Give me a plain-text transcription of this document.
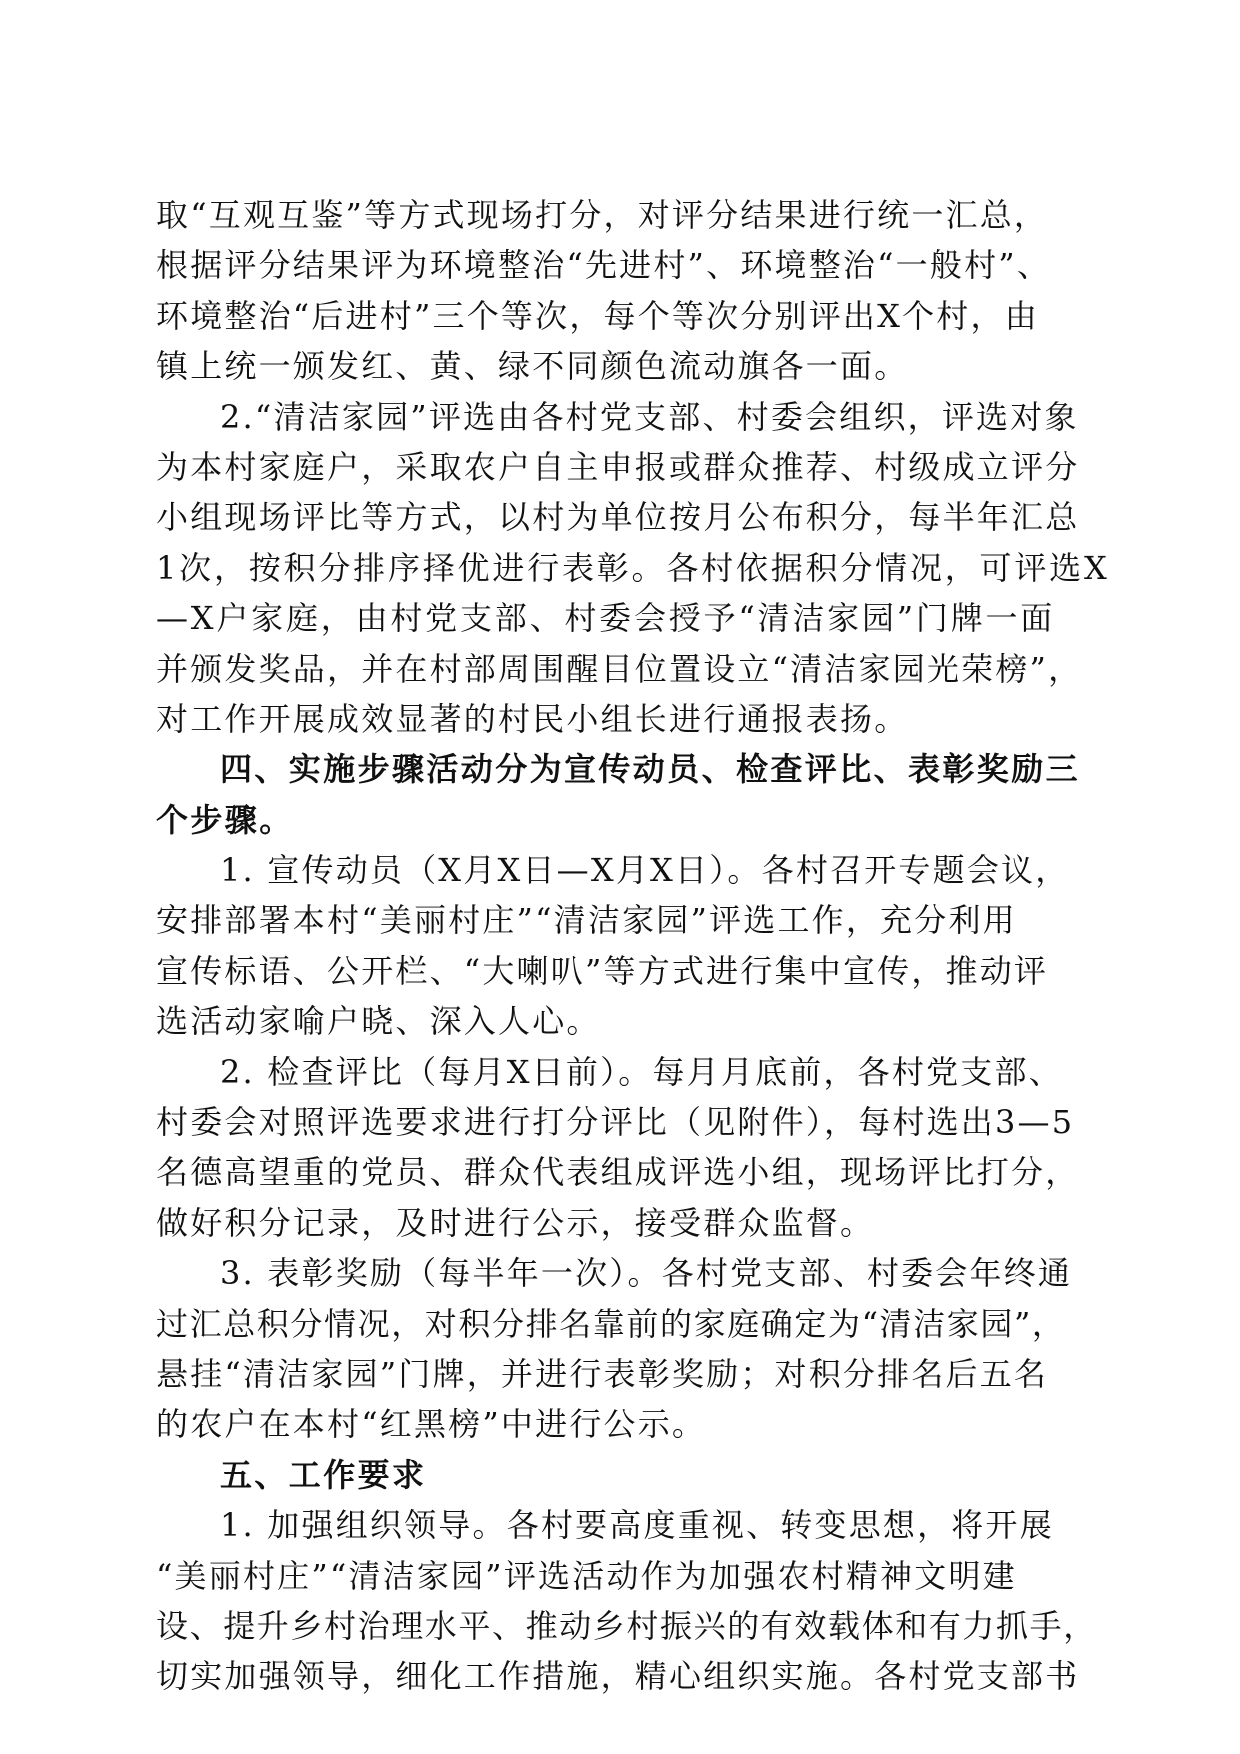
取“互观互鉴”等方式现场打分，对评分结果进行统一汇总，
根据评分结果评为环境整治“先进村”、环境整治“一般村”、
环境整治“后进村”三个等次，每个等次分别评出X个村，由
镇上统一颁发红、黄、绿不同颜色流动旗各一面。
2.“清洁家园”评选由各村党支部、村委会组织，评选对象
为本村家庭户，采取农户自主申报或群众推荐、村级成立评分
小组现场评比等方式，以村为单位按月公布积分，每半年汇总
1次，按积分排序择优进行表彰。各村依据积分情况，可评选X
—X户家庭，由村党支部、村委会授予“清洁家园”门牌一面
并颁发奖品，并在村部周围醒目位置设立“清洁家园光荣榜”，
对工作开展成效显著的村民小组长进行通报表扬。
四、实施步骤活动分为宣传动员、检查评比、表彰奖励三
个步骤。
1. 宣传动员（X月X日—X月X日）。各村召开专题会议，
安排部署本村“美丽村庄”“清洁家园”评选工作，充分利用
宣传标语、公开栏、“大喇叭”等方式进行集中宣传，推动评
选活动家喻户晓、深入人心。
2. 检查评比（每月X日前）。每月月底前，各村党支部、
村委会对照评选要求进行打分评比（见附件），每村选出3—5
名德高望重的党员、群众代表组成评选小组，现场评比打分，
做好积分记录，及时进行公示，接受群众监督。
3. 表彰奖励（每半年一次）。各村党支部、村委会年终通
过汇总积分情况，对积分排名靠前的家庭确定为“清洁家园”，
悬挂“清洁家园”门牌，并进行表彰奖励；对积分排名后五名
的农户在本村“红黑榜”中进行公示。
五、工作要求
1. 加强组织领导。各村要高度重视、转变思想，将开展
“美丽村庄”“清洁家园”评选活动作为加强农村精神文明建
设、提升乡村治理水平、推动乡村振兴的有效载体和有力抓手，
切实加强领导，细化工作措施，精心组织实施。各村党支部书
